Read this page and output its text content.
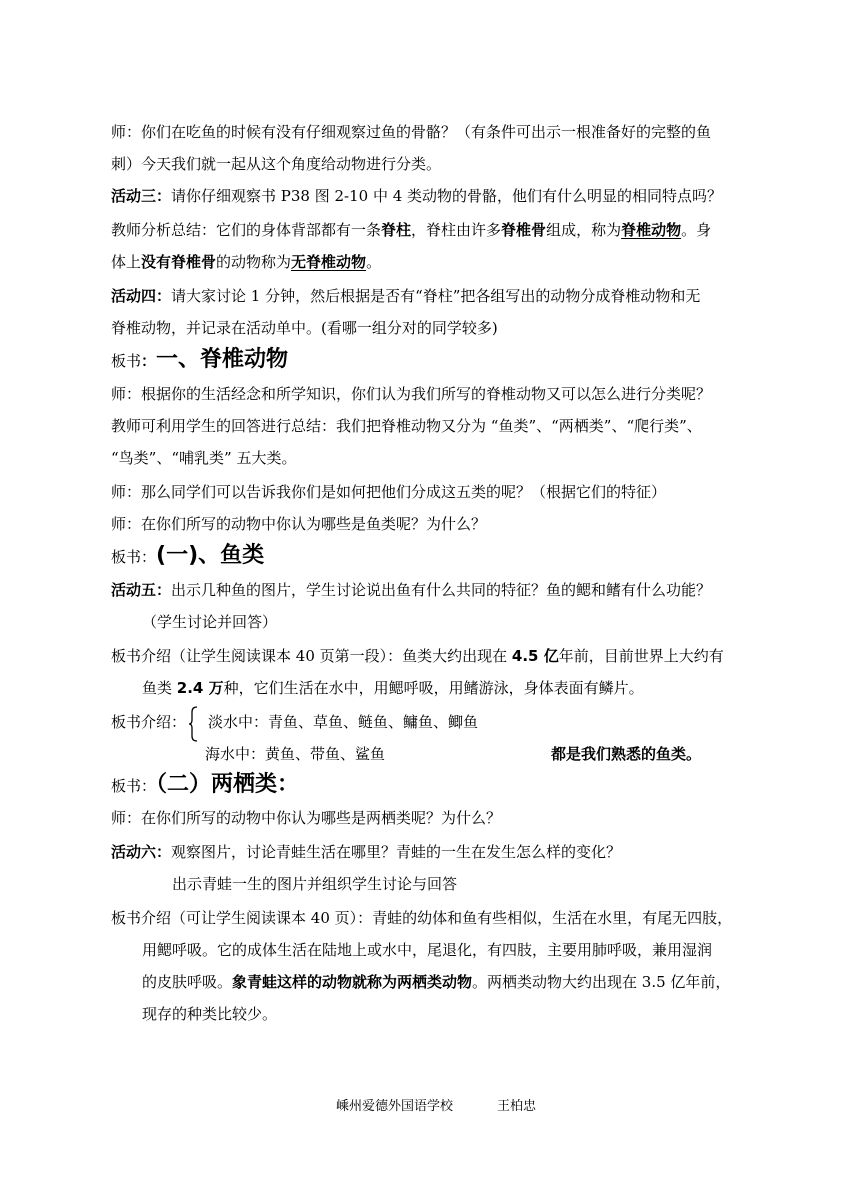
师：你们在吃鱼的时候有没有仔细观察过鱼的骨骼？（有条件可出示一根准备好的完整的鱼
刺）今天我们就一起从这个角度给动物进行分类。
活动三：请你仔细观察书 P38 图 2-10 中 4 类动物的骨骼，他们有什么明显的相同特点吗？
教师分析总结：它们的身体背部都有一条脊柱，脊柱由许多脊椎骨组成，称为脊椎动物。身
体上没有脊椎骨的动物称为无脊椎动物。
活动四：请大家讨论 1 分钟，然后根据是否有“脊柱”把各组写出的动物分成脊椎动物和无
脊椎动物，并记录在活动单中。(看哪一组分对的同学较多)
板书：一、脊椎动物
师：根据你的生活经念和所学知识，你们认为我们所写的脊椎动物又可以怎么进行分类呢？
教师可利用学生的回答进行总结：我们把脊椎动物又分为 “鱼类”、“两栖类”、“爬行类”、
“鸟类”、“哺乳类” 五大类。
师：那么同学们可以告诉我你们是如何把他们分成这五类的呢？（根据它们的特征）
师：在你们所写的动物中你认为哪些是鱼类呢？为什么？
板书：(一)、鱼类
活动五：出示几种鱼的图片，学生讨论说出鱼有什么共同的特征？鱼的鳃和鳍有什么功能？
（学生讨论并回答）
板书介绍（让学生阅读课本 40 页第一段）：鱼类大约出现在 4.5 亿年前，目前世界上大约有
鱼类 2.4 万种，它们生活在水中，用鳃呼吸，用鳍游泳，身体表面有鳞片。
板书介绍： 淡水中：青鱼、草鱼、鲢鱼、鳙鱼、鲫鱼
海水中：黄鱼、带鱼、鲨鱼	都是我们熟悉的鱼类。
板书：（二）两栖类：
师：在你们所写的动物中你认为哪些是两栖类呢？为什么？
活动六：观察图片，讨论青蛙生活在哪里？青蛙的一生在发生怎么样的变化？
出示青蛙一生的图片并组织学生讨论与回答
板书介绍（可让学生阅读课本 40 页）：青蛙的幼体和鱼有些相似，生活在水里，有尾无四肢，
用鳃呼吸。它的成体生活在陆地上或水中，尾退化，有四肢，主要用肺呼吸，兼用湿润
的皮肤呼吸。象青蛙这样的动物就称为两栖类动物。两栖类动物大约出现在 3.5 亿年前，
现存的种类比较少。
嵊州爱德外国语学校	王柏忠
